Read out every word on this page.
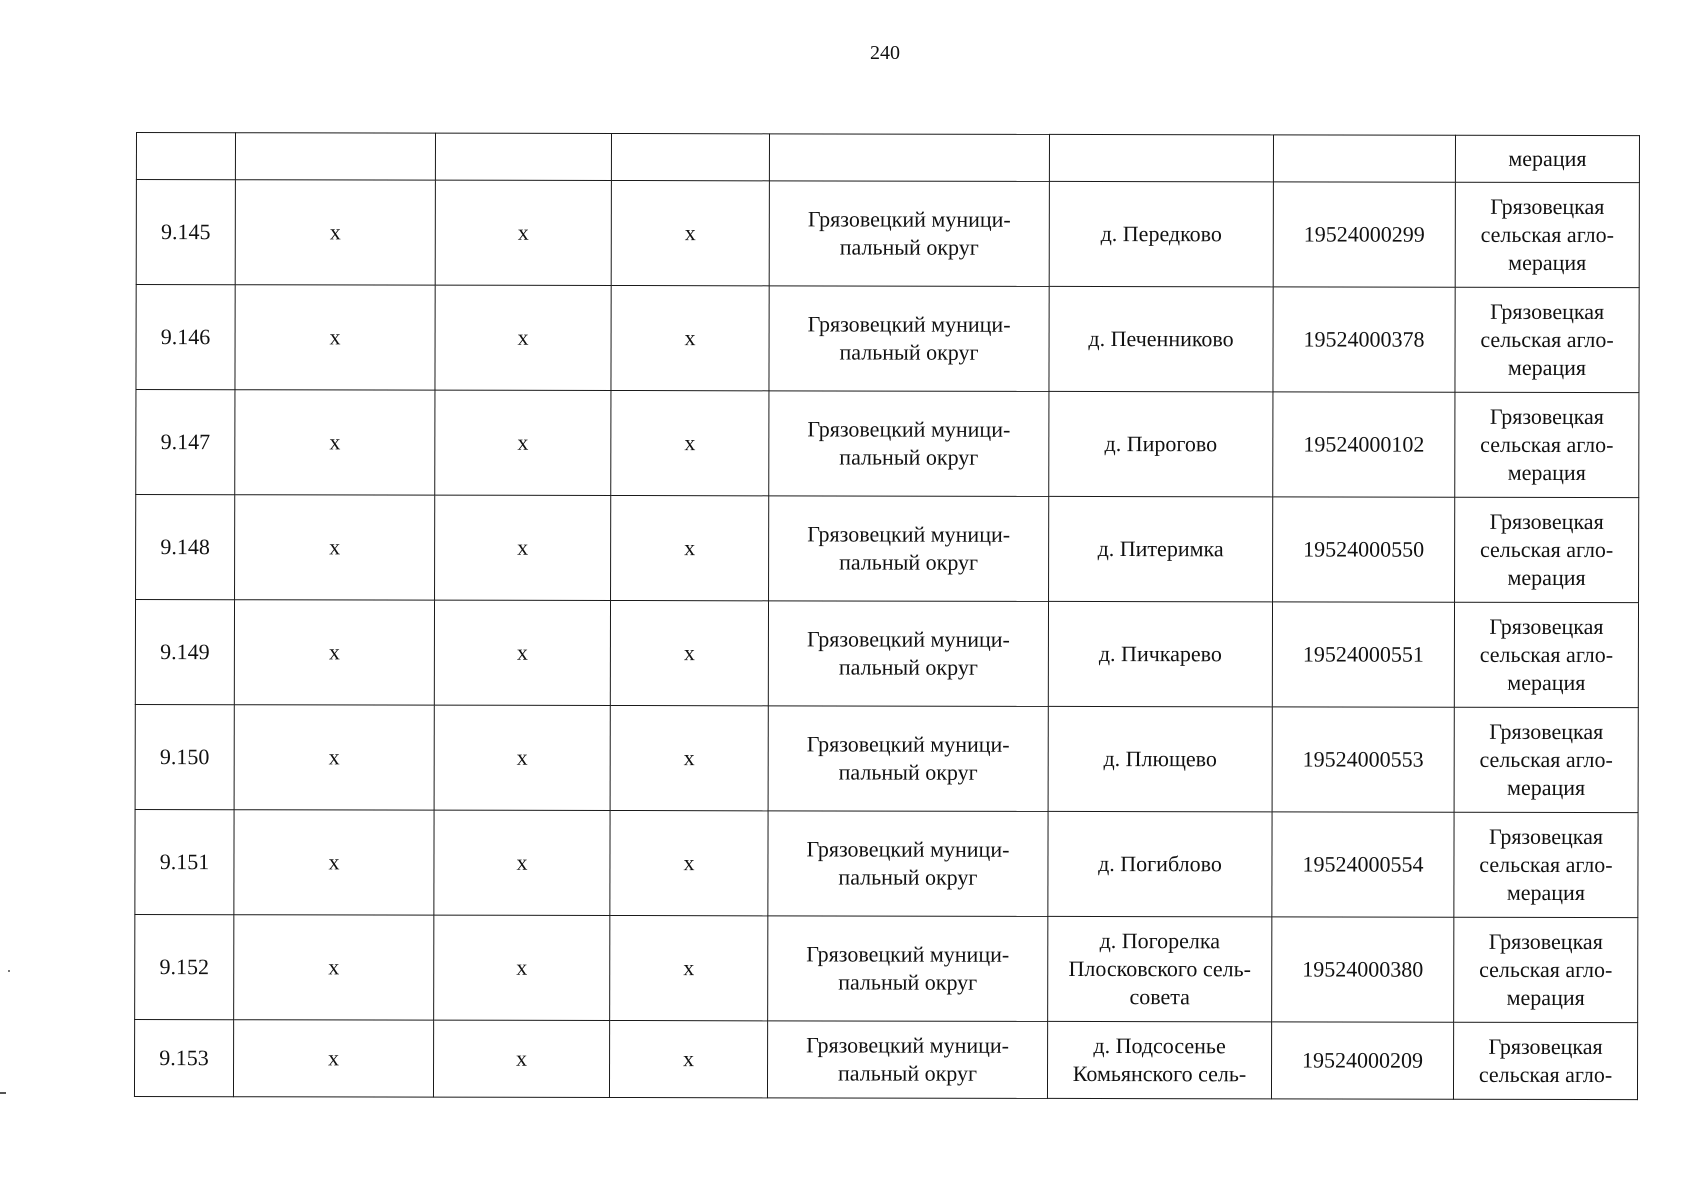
240

							мерация

9.145	х	х	х	Грязовецкий муници-
пальный округ	д. Передково	19524000299	Грязовецкая
сельская агло-
мерация

9.146	х	х	х	Грязовецкий муници-
пальный округ	д. Печенниково	19524000378	Грязовецкая
сельская агло-
мерация

9.147	х	х	х	Грязовецкий муници-
пальный округ	д. Пирогово	19524000102	Грязовецкая
сельская агло-
мерация

9.148	х	х	х	Грязовецкий муници-
пальный округ	д. Питеримка	19524000550	Грязовецкая
сельская агло-
мерация

9.149	х	х	х	Грязовецкий муници-
пальный округ	д. Пичкарево	19524000551	Грязовецкая
сельская агло-
мерация

9.150	х	х	х	Грязовецкий муници-
пальный округ	д. Плющево	19524000553	Грязовецкая
сельская агло-
мерация

9.151	х	х	х	Грязовецкий муници-
пальный округ	д. Погиблово	19524000554	Грязовецкая
сельская агло-
мерация

9.152	х	х	х	Грязовецкий муници-
пальный округ	д. Погорелка
Плосковского сель-
совета	19524000380	Грязовецкая
сельская агло-
мерация

9.153	х	х	х	Грязовецкий муници-
пальный округ	д. Подсосенье
Комьянского сель-	19524000209	Грязовецкая
сельская агло-
